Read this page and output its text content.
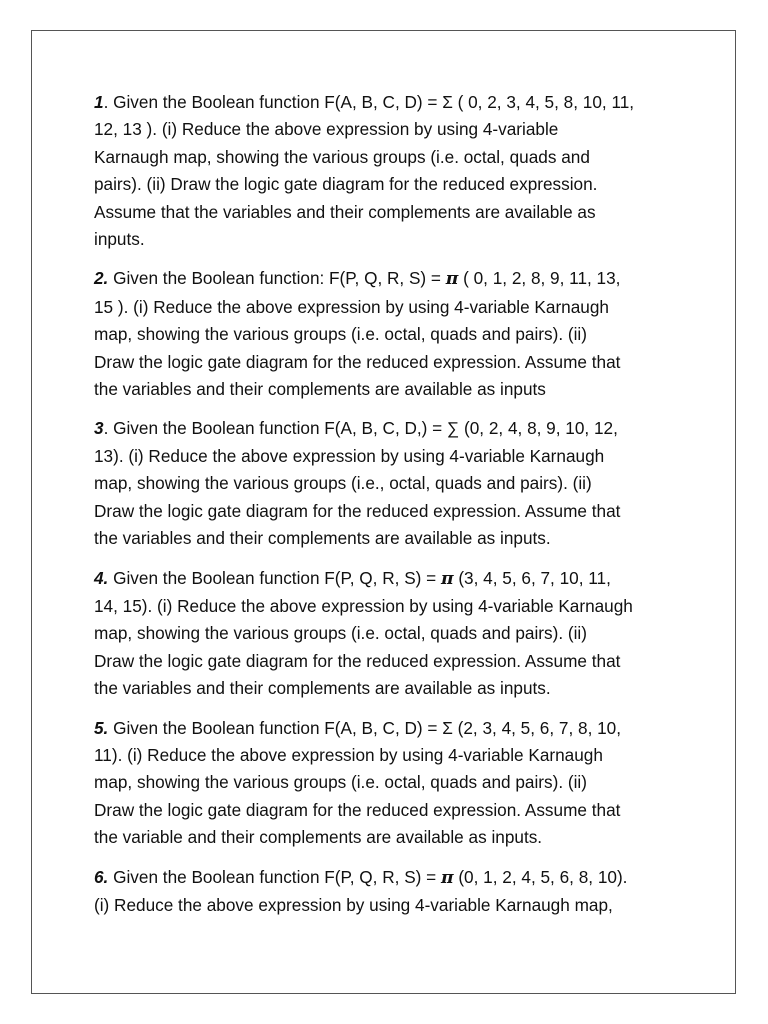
1. Given the Boolean function F(A, B, C, D) = Σ ( 0, 2, 3, 4, 5, 8, 10, 11,
12, 13 ). (i) Reduce the above expression by using 4-variable
Karnaugh map, showing the various groups (i.e. octal, quads and
pairs). (ii) Draw the logic gate diagram for the reduced expression.
Assume that the variables and their complements are available as
inputs.

2. Given the Boolean function: F(P, Q, R, S) = π ( 0, 1, 2, 8, 9, 11, 13,
15 ). (i) Reduce the above expression by using 4-variable Karnaugh
map, showing the various groups (i.e. octal, quads and pairs). (ii)
Draw the logic gate diagram for the reduced expression. Assume that
the variables and their complements are available as inputs

3. Given the Boolean function F(A, B, C, D,) = ∑ (0, 2, 4, 8, 9, 10, 12,
13). (i) Reduce the above expression by using 4-variable Karnaugh
map, showing the various groups (i.e., octal, quads and pairs). (ii)
Draw the logic gate diagram for the reduced expression. Assume that
the variables and their complements are available as inputs.

4. Given the Boolean function F(P, Q, R, S) = π (3, 4, 5, 6, 7, 10, 11,
14, 15). (i) Reduce the above expression by using 4-variable Karnaugh
map, showing the various groups (i.e. octal, quads and pairs). (ii)
Draw the logic gate diagram for the reduced expression. Assume that
the variables and their complements are available as inputs.

5. Given the Boolean function F(A, B, C, D) = Σ (2, 3, 4, 5, 6, 7, 8, 10,
11). (i) Reduce the above expression by using 4-variable Karnaugh
map, showing the various groups (i.e. octal, quads and pairs). (ii)
Draw the logic gate diagram for the reduced expression. Assume that
the variable and their complements are available as inputs.

6. Given the Boolean function F(P, Q, R, S) = π (0, 1, 2, 4, 5, 6, 8, 10).
(i) Reduce the above expression by using 4-variable Karnaugh map,
